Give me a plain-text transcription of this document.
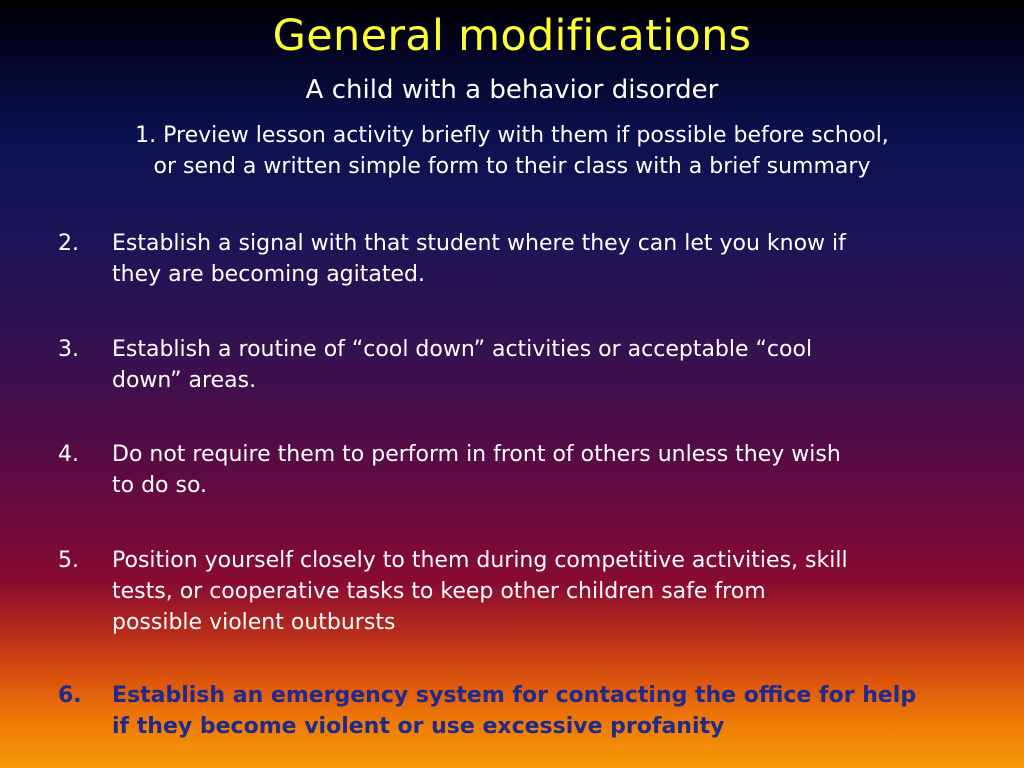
General modifications
A child with a behavior disorder
1. Preview lesson activity briefly with them if possible before school,
or send a written simple form to their class with a brief summary
2.	Establish a signal with that student where they can let you know if
they are becoming agitated.
3.	Establish a routine of “cool down” activities or acceptable “cool
down” areas.
4.	Do not require them to perform in front of others unless they wish
to do so.
5.	Position yourself closely to them during competitive activities, skill
tests, or cooperative tasks to keep other children safe from
possible violent outbursts
6.	Establish an emergency system for contacting the office for help
if they become violent or use excessive profanity
